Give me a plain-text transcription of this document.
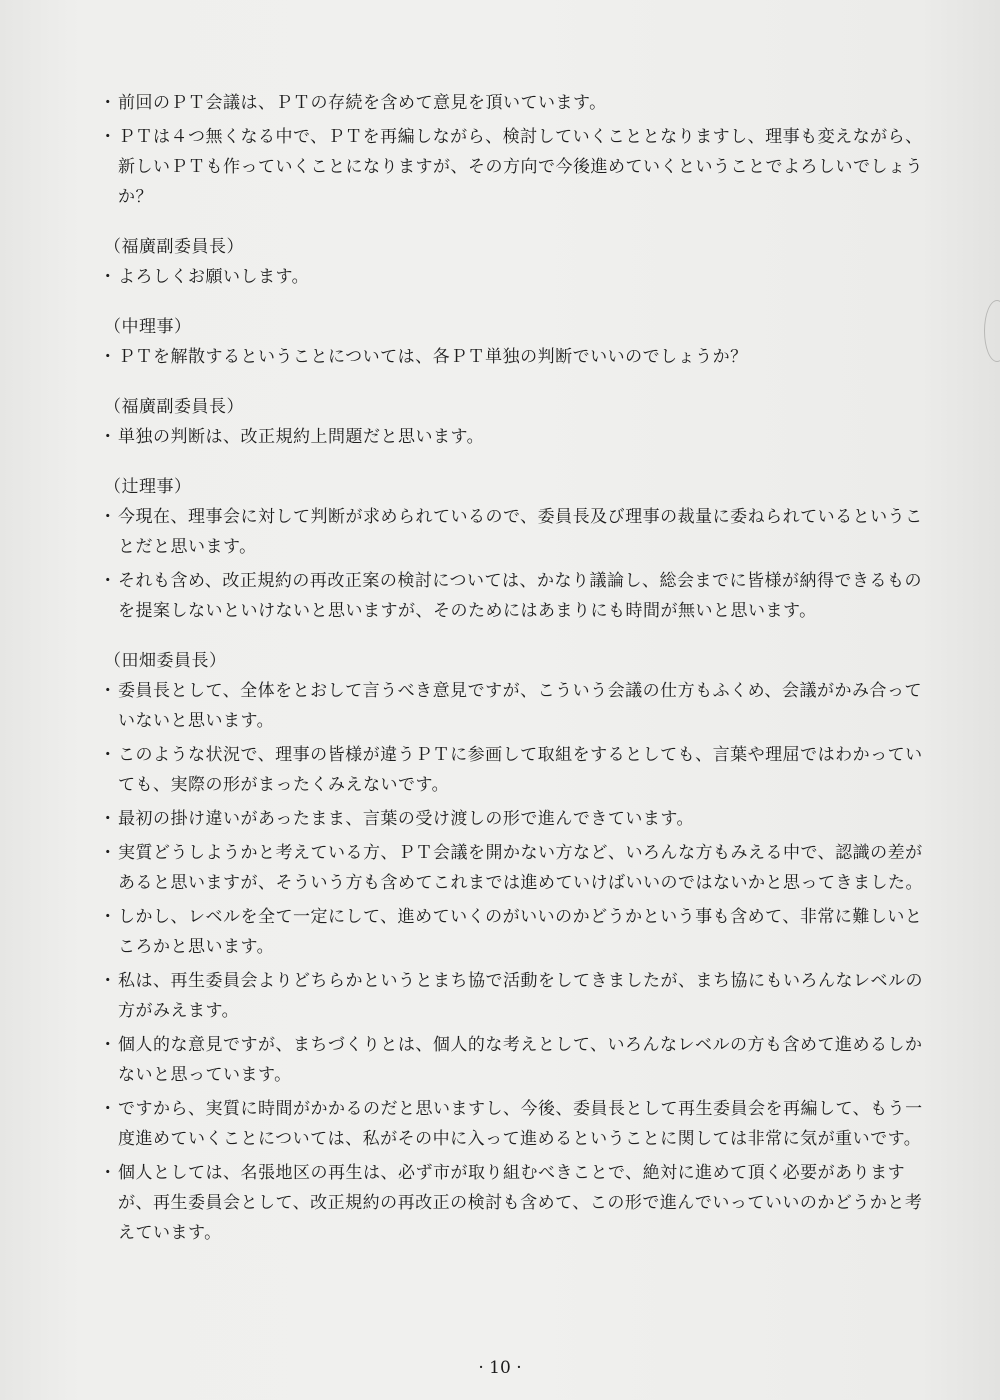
・ 前回のＰＴ会議は、ＰＴの存続を含めて意見を頂いています。
・ ＰＴは４つ無くなる中で、ＰＴを再編しながら、検討していくこととなりますし、理事も変えながら、新しいＰＴも作っていくことになりますが、その方向で今後進めていくということでよろしいでしょうか？
（福廣副委員長）
・ よろしくお願いします。
（中理事）
・ ＰＴを解散するということについては、各ＰＴ単独の判断でいいのでしょうか？
（福廣副委員長）
・ 単独の判断は、改正規約上問題だと思います。
（辻理事）
・ 今現在、理事会に対して判断が求められているので、委員長及び理事の裁量に委ねられているということだと思います。
・ それも含め、改正規約の再改正案の検討については、かなり議論し、総会までに皆様が納得できるものを提案しないといけないと思いますが、そのためにはあまりにも時間が無いと思います。
（田畑委員長）
・ 委員長として、全体をとおして言うべき意見ですが、こういう会議の仕方もふくめ、会議がかみ合っていないと思います。
・ このような状況で、理事の皆様が違うＰＴに参画して取組をするとしても、言葉や理屈ではわかっていても、実際の形がまったくみえないです。
・ 最初の掛け違いがあったまま、言葉の受け渡しの形で進んできています。
・ 実質どうしようかと考えている方、ＰＴ会議を開かない方など、いろんな方もみえる中で、認識の差があると思いますが、そういう方も含めてこれまでは進めていけばいいのではないかと思ってきました。
・ しかし、レベルを全て一定にして、進めていくのがいいのかどうかという事も含めて、非常に難しいところかと思います。
・ 私は、再生委員会よりどちらかというとまち協で活動をしてきましたが、まち協にもいろんなレベルの方がみえます。
・ 個人的な意見ですが、まちづくりとは、個人的な考えとして、いろんなレベルの方も含めて進めるしかないと思っています。
・ ですから、実質に時間がかかるのだと思いますし、今後、委員長として再生委員会を再編して、もう一度進めていくことについては、私がその中に入って進めるということに関しては非常に気が重いです。
・ 個人としては、名張地区の再生は、必ず市が取り組むべきことで、絶対に進めて頂く必要がありますが、再生委員会として、改正規約の再改正の検討も含めて、この形で進んでいっていいのかどうかと考えています。
· 10 ·
